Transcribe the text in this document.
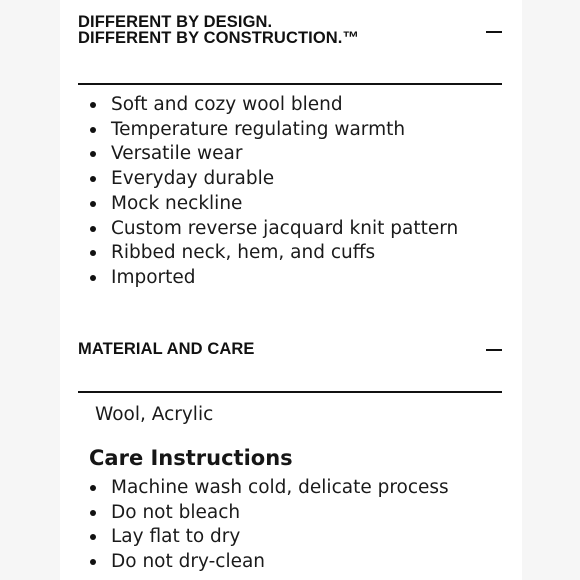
DIFFERENT BY DESIGN.
DIFFERENT BY CONSTRUCTION.™
Soft and cozy wool blend
Temperature regulating warmth
Versatile wear
Everyday durable
Mock neckline
Custom reverse jacquard knit pattern
Ribbed neck, hem, and cuffs
Imported
MATERIAL AND CARE
Wool, Acrylic
Care Instructions
Machine wash cold, delicate process
Do not bleach
Lay flat to dry
Do not dry-clean
